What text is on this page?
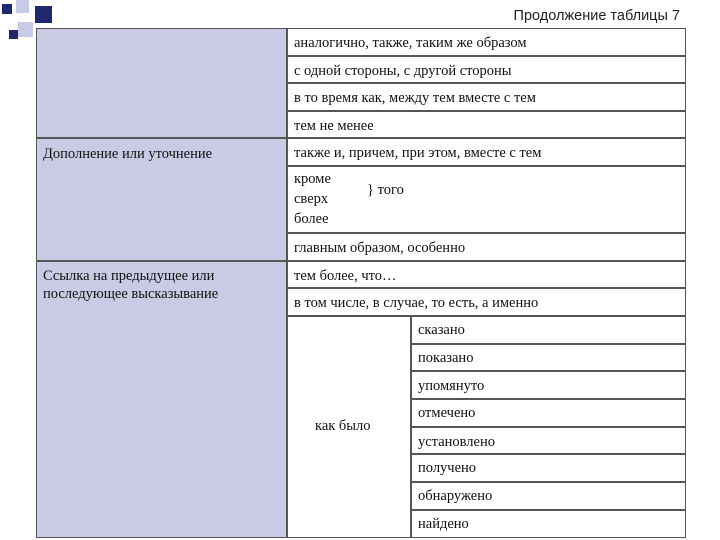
Продолжение таблицы 7
Дополнение или уточнение
Ссылка на предыдущее или последующее высказывание
аналогично, также, таким же образом
с одной стороны, с другой стороны
в то время как, между тем вместе с тем
тем не менее
также и, причем, при этом, вместе с тем
кроме
сверх
более
} того
главным образом, особенно
тем более, что…
в том числе, в случае, то есть, а именно
как было
сказано
показано
упомянуто
отмечено
установлено
получено
обнаружено
найдено
